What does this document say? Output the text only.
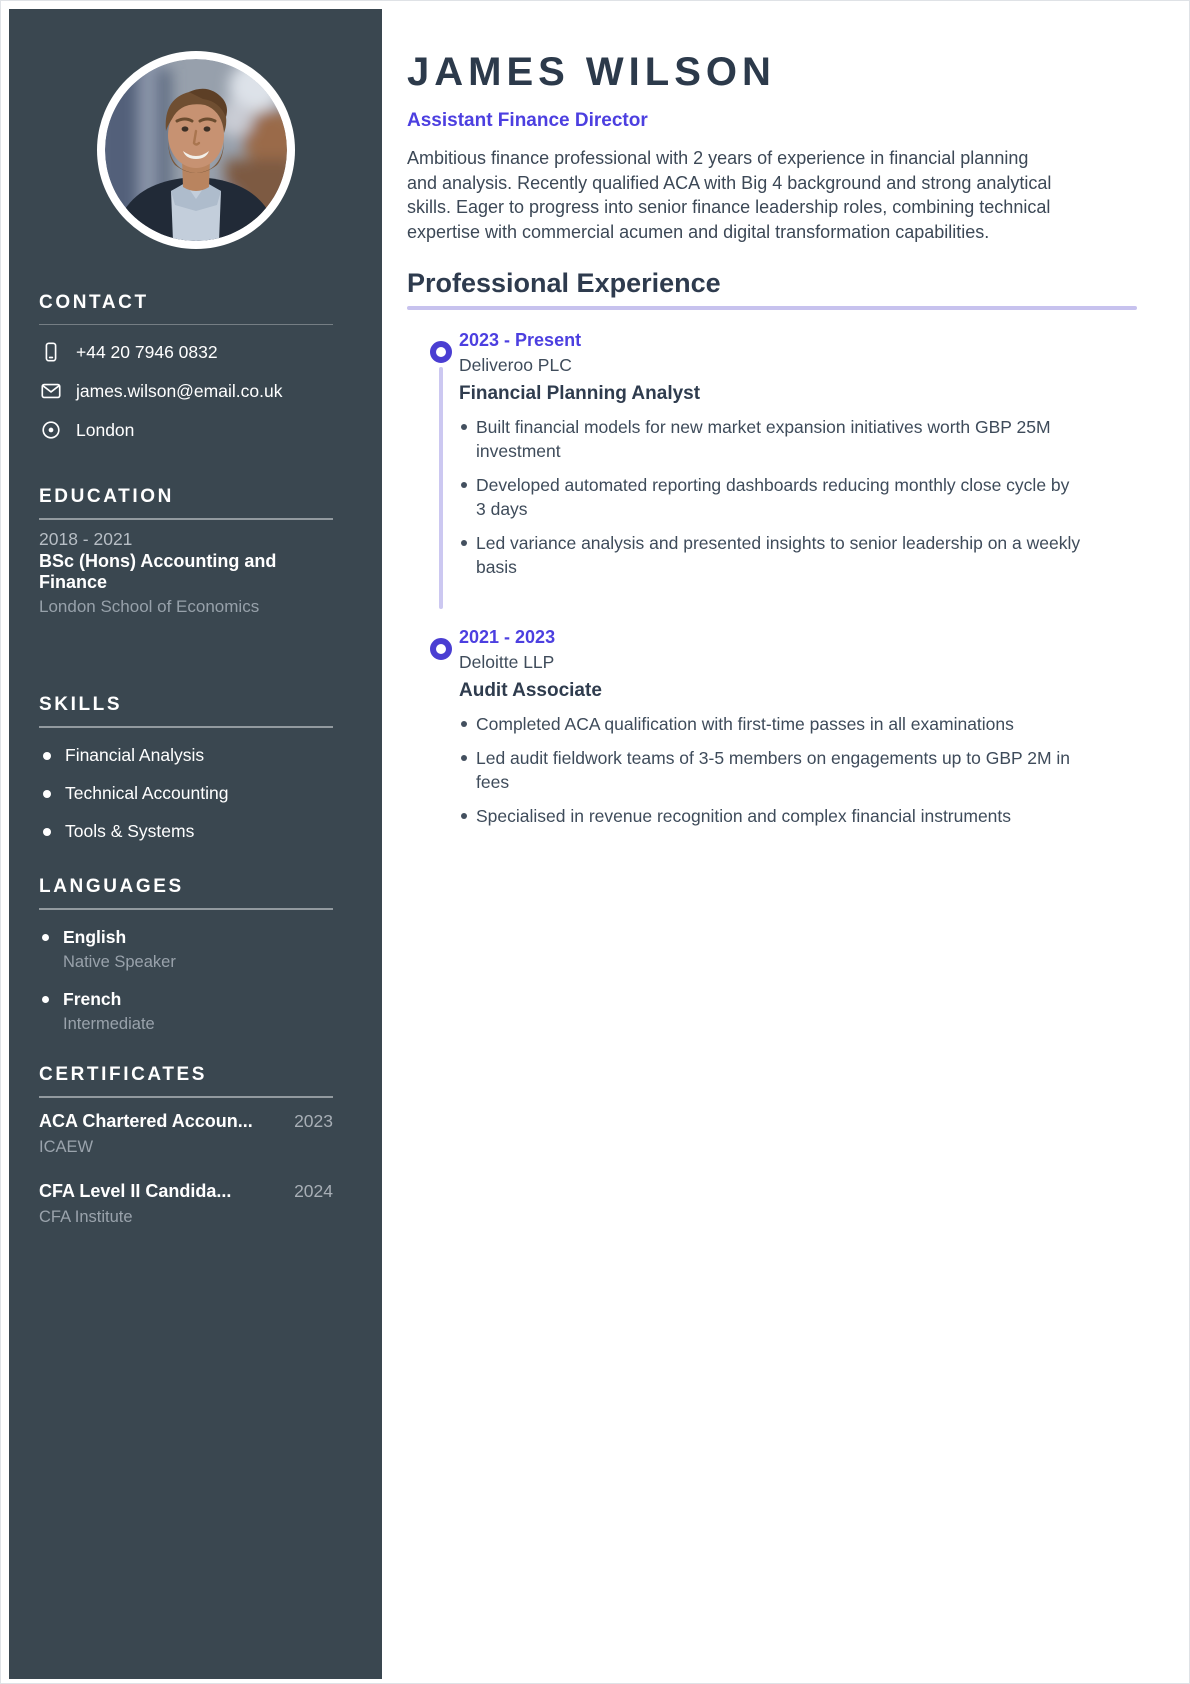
CONTACT
+44 20 7946 0832
james.wilson@email.co.uk
London
EDUCATION
2018 - 2021
BSc (Hons) Accounting and Finance
London School of Economics
SKILLS
Financial Analysis
Technical Accounting
Tools & Systems
LANGUAGES
English
Native Speaker
French
Intermediate
CERTIFICATES
ACA Chartered Accoun... 2023
ICAEW
CFA Level II Candida...	2024
CFA Institute
JAMES WILSON
Assistant Finance Director

Ambitious finance professional with 2 years of experience in financial planning and analysis. Recently qualified ACA with Big 4 background and strong analytical skills. Eager to progress into senior finance leadership roles, combining technical expertise with commercial acumen and digital transformation capabilities.

Professional Experience
2023 - Present
Deliveroo PLC
Financial Planning Analyst
Built financial models for new market expansion initiatives worth GBP 25M investment
Developed automated reporting dashboards reducing monthly close cycle by 3 days
Led variance analysis and presented insights to senior leadership on a weekly basis
2021 - 2023
Deloitte LLP
Audit Associate
Completed ACA qualification with first-time passes in all examinations
Led audit fieldwork teams of 3-5 members on engagements up to GBP 2M in fees
Specialised in revenue recognition and complex financial instruments
